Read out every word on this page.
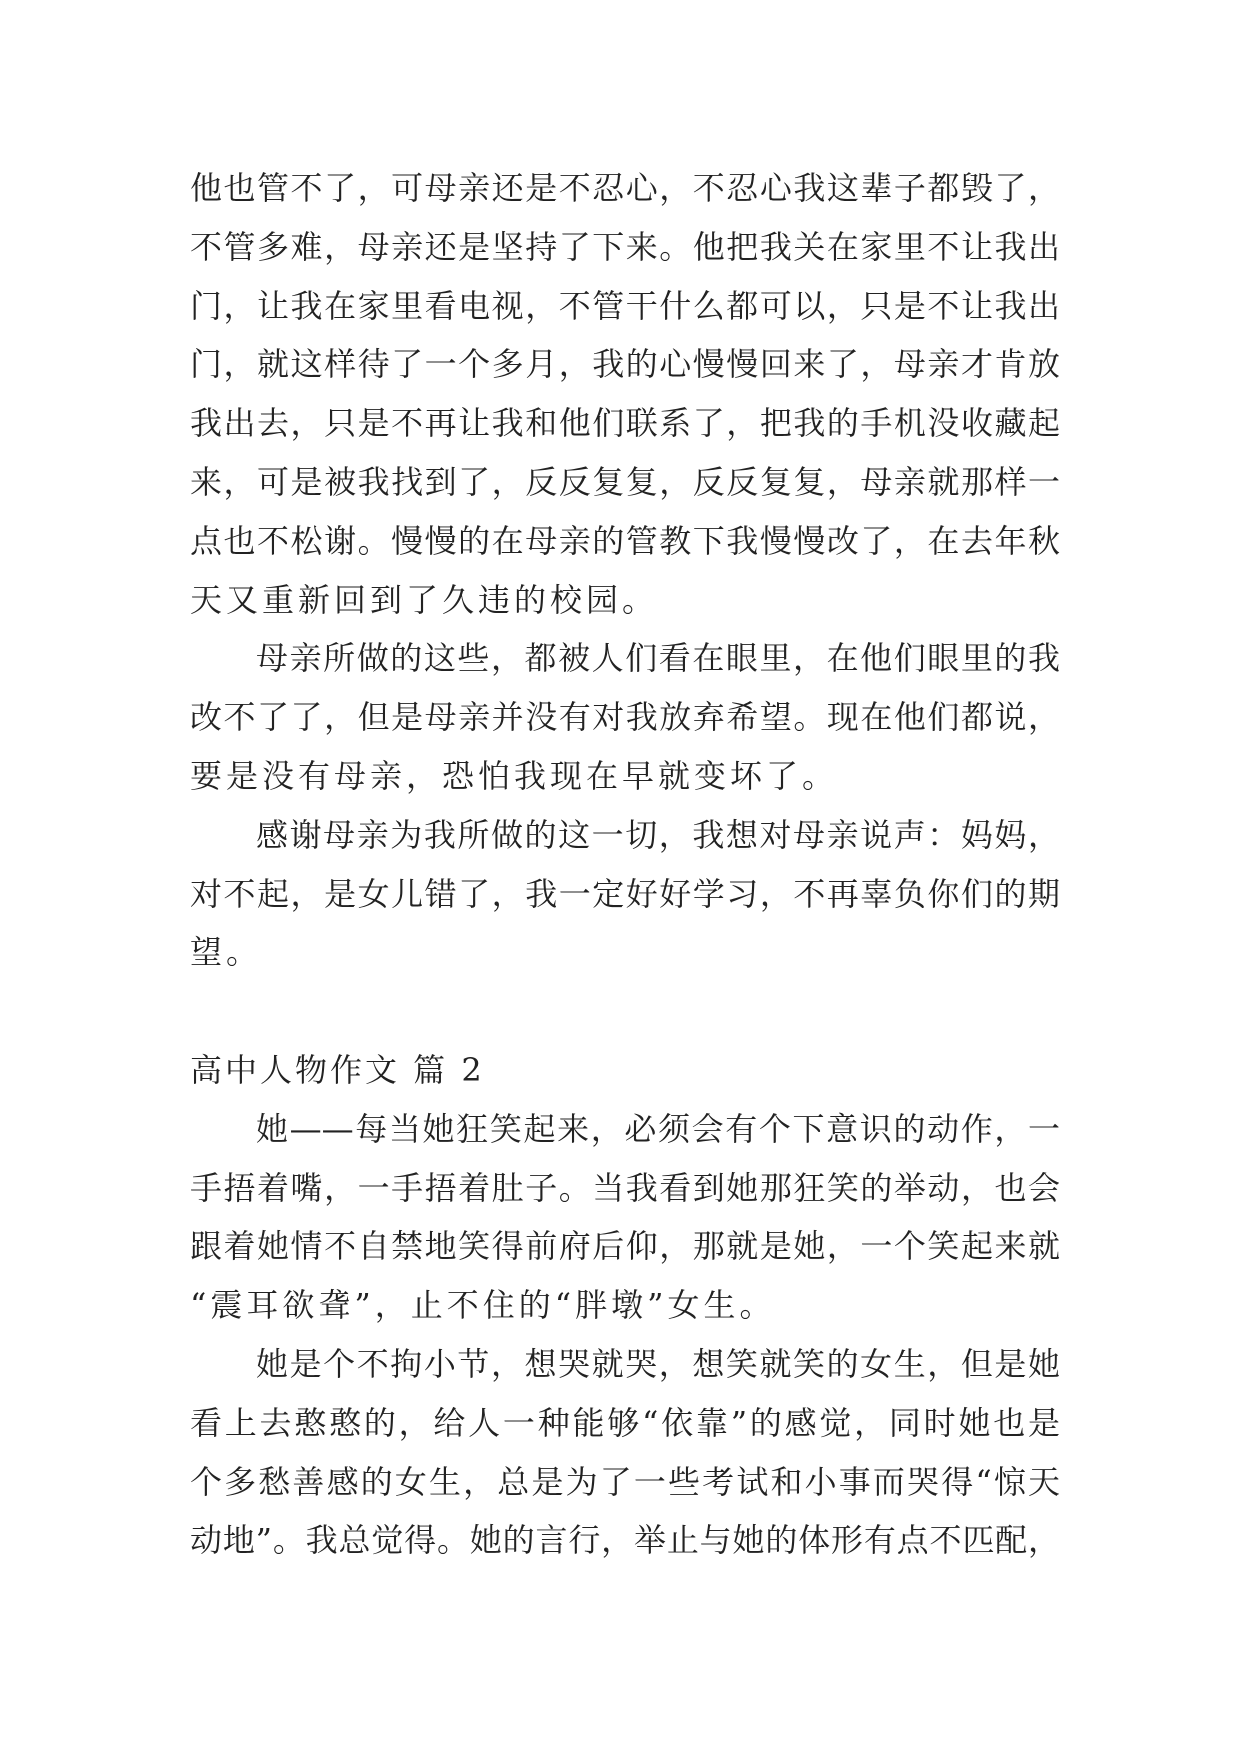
他也管不了，可母亲还是不忍心，不忍心我这辈子都毁了，
不管多难，母亲还是坚持了下来。他把我关在家里不让我出
门，让我在家里看电视，不管干什么都可以，只是不让我出
门，就这样待了一个多月，我的心慢慢回来了，母亲才肯放
我出去，只是不再让我和他们联系了，把我的手机没收藏起
来，可是被我找到了，反反复复，反反复复，母亲就那样一
点也不松谢。慢慢的在母亲的管教下我慢慢改了，在去年秋
天又重新回到了久违的校园。
母亲所做的这些，都被人们看在眼里，在他们眼里的我
改不了了，但是母亲并没有对我放弃希望。现在他们都说，
要是没有母亲，恐怕我现在早就变坏了。
感谢母亲为我所做的这一切，我想对母亲说声：妈妈，
对不起，是女儿错了，我一定好好学习，不再辜负你们的期
望。
高中人物作文 篇 2
她——每当她狂笑起来，必须会有个下意识的动作，一
手捂着嘴，一手捂着肚子。当我看到她那狂笑的举动，也会
跟着她情不自禁地笑得前府后仰，那就是她，一个笑起来就
“震耳欲聋”，止不住的“胖墩”女生。
她是个不拘小节，想哭就哭，想笑就笑的女生，但是她
看上去憨憨的，给人一种能够“依靠”的感觉，同时她也是
个多愁善感的女生，总是为了一些考试和小事而哭得“惊天
动地”。我总觉得。她的言行，举止与她的体形有点不匹配，
